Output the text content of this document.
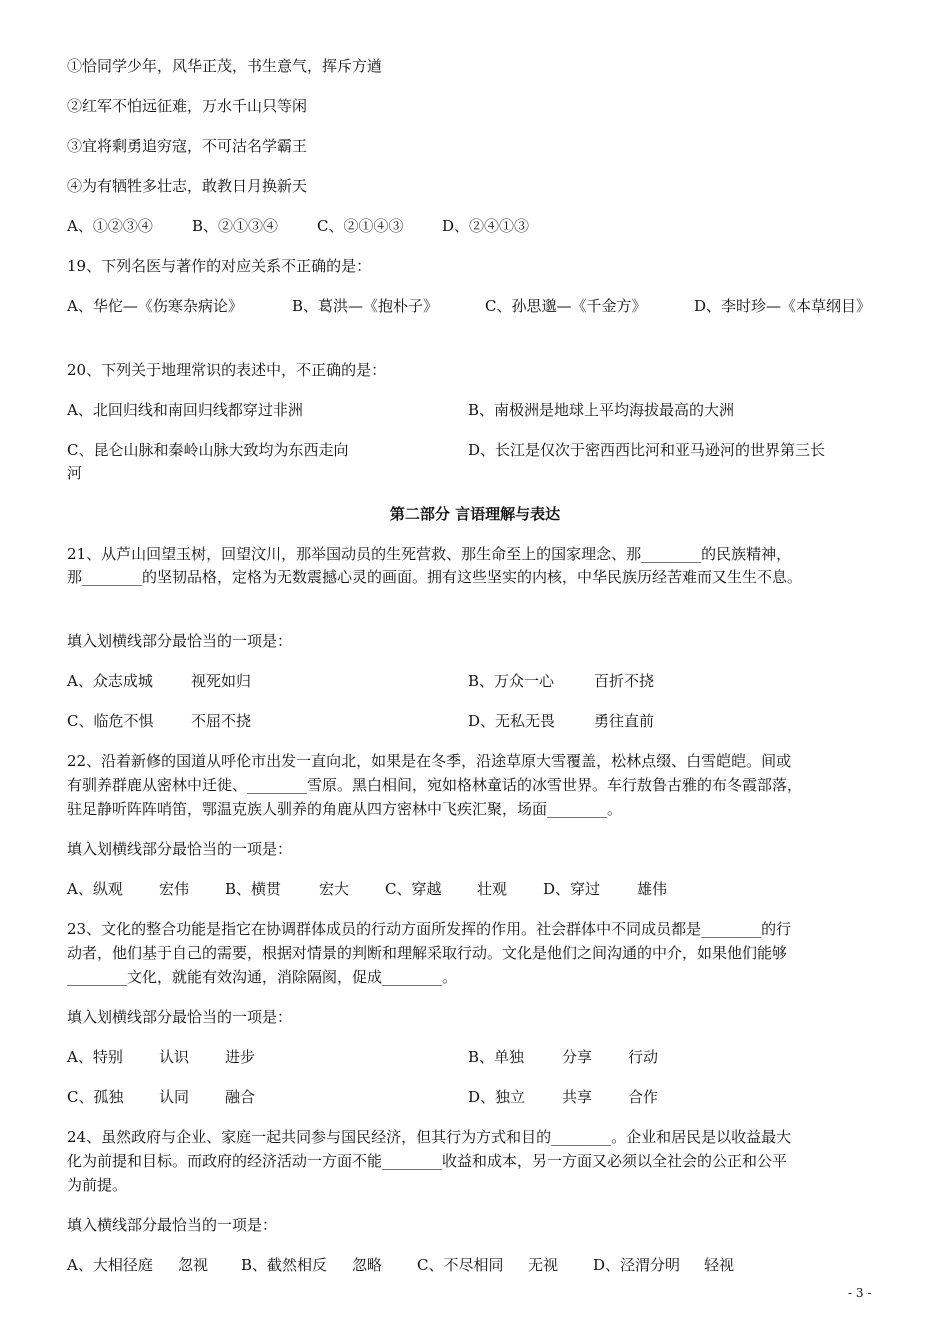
①恰同学少年，风华正茂，书生意气，挥斥方遒
②红军不怕远征难，万水千山只等闲
③宜将剩勇追穷寇，不可沽名学霸王
④为有牺牲多壮志，敢教日月换新天
A、①②③④	B、②①③④	C、②①④③	D、②④①③
19、下列名医与著作的对应关系不正确的是：
A、华佗—《伤寒杂病论》	B、葛洪—《抱朴子》	C、孙思邈—《千金方》	D、李时珍—《本草纲目》
20、下列关于地理常识的表述中，不正确的是：
A、北回归线和南回归线都穿过非洲	B、南极洲是地球上平均海拔最高的大洲
C、昆仑山脉和秦岭山脉大致均为东西走向	D、长江是仅次于密西西比河和亚马逊河的世界第三长
河
第二部分 言语理解与表达
21、从芦山回望玉树，回望汶川，那举国动员的生死营救、那生命至上的国家理念、那________的民族精神，
那________的坚韧品格，定格为无数震撼心灵的画面。拥有这些坚实的内核，中华民族历经苦难而又生生不息。
填入划横线部分最恰当的一项是：
A、众志成城	视死如归	B、万众一心	百折不挠
C、临危不惧	不屈不挠	D、无私无畏	勇往直前
22、沿着新修的国道从呼伦市出发一直向北，如果是在冬季，沿途草原大雪覆盖，松林点缀、白雪皑皑。间或
有驯养群鹿从密林中迁徙、________雪原。黑白相间，宛如格林童话的冰雪世界。车行敖鲁古雅的布冬霞部落，
驻足静听阵阵哨笛，鄂温克族人驯养的角鹿从四方密林中飞疾汇聚，场面________。
填入划横线部分最恰当的一项是：
A、纵观 宏伟 B、横贯	宏大 C、穿越 壮观 D、穿过 雄伟
23、文化的整合功能是指它在协调群体成员的行动方面所发挥的作用。社会群体中不同成员都是________的行
动者，他们基于自己的需要，根据对情景的判断和理解采取行动。文化是他们之间沟通的中介，如果他们能够
________文化，就能有效沟通，消除隔阂，促成________。
填入划横线部分最恰当的一项是：
A、特别 认识 进步	B、单独	分享 行动
C、孤独 认同 融合	D、独立 共享 合作
24、虽然政府与企业、家庭一起共同参与国民经济，但其行为方式和目的________。企业和居民是以收益最大
化为前提和目标。而政府的经济活动一方面不能________收益和成本，另一方面又必须以全社会的公正和公平
为前提。
填入横线部分最恰当的一项是：
A、大相径庭 忽视 B、截然相反 忽略 C、不尽相同 无视 D、泾渭分明 轻视
- 3 -
